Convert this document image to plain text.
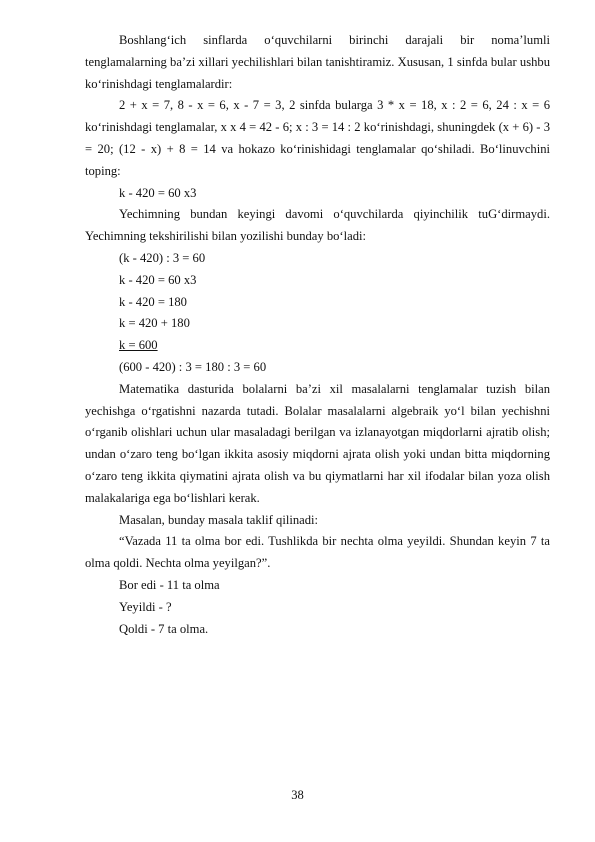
Boshlang‘ich sinflarda o‘quvchilarni birinchi darajali bir noma’lumli tenglamalarning ba’zi xillari yechilishlari bilan tanishtiramiz. Xususan, 1 sinfda bular ushbu ko‘rinishdagi tenglamalardir:

2 + x = 7, 8 - x = 6, x - 7 = 3, 2 sinfda bularga 3 * x = 18, x : 2 = 6, 24 : x = 6 ko‘rinishdagi tenglamalar, x x 4 = 42 - 6; x : 3 = 14 : 2 ko‘rinishdagi, shuningdek (x + 6) - 3 = 20; (12 - x) + 8 = 14 va hokazo ko‘rinishidagi tenglamalar qo‘shiladi. Bo‘linuvchini toping:

k - 420 = 60 x3

Yechimning bundan keyingi davomi o‘quvchilarda qiyinchilik tuG‘dirmaydi. Yechimning tekshirilishi bilan yozilishi bunday bo‘ladi:

(k - 420) : 3 = 60

k - 420 = 60 x3

k - 420 = 180

k = 420 + 180

k = 600

(600 - 420) : 3 = 180 : 3 = 60

Matematika dasturida bolalarni ba’zi xil masalalarni tenglamalar tuzish bilan yechishga o‘rgatishni nazarda tutadi. Bolalar masalalarni algebraik yo‘l bilan yechishni o‘rganib olishlari uchun ular masaladagi berilgan va izlanayotgan miqdorlarni ajratib olish; undan o‘zaro teng bo‘lgan ikkita asosiy miqdorni ajrata olish yoki undan bitta miqdorning o‘zaro teng ikkita qiymatini ajrata olish va bu qiymatlarni har xil ifodalar bilan yoza olish malakalariga ega bo‘lishlari kerak.

Masalan, bunday masala taklif qilinadi:

“Vazada 11 ta olma bor edi. Tushlikda bir nechta olma yeyildi. Shundan keyin 7 ta olma qoldi. Nechta olma yeyilgan?”.

Bor edi - 11 ta olma

Yeyildi - ?

Qoldi - 7 ta olma.

38
